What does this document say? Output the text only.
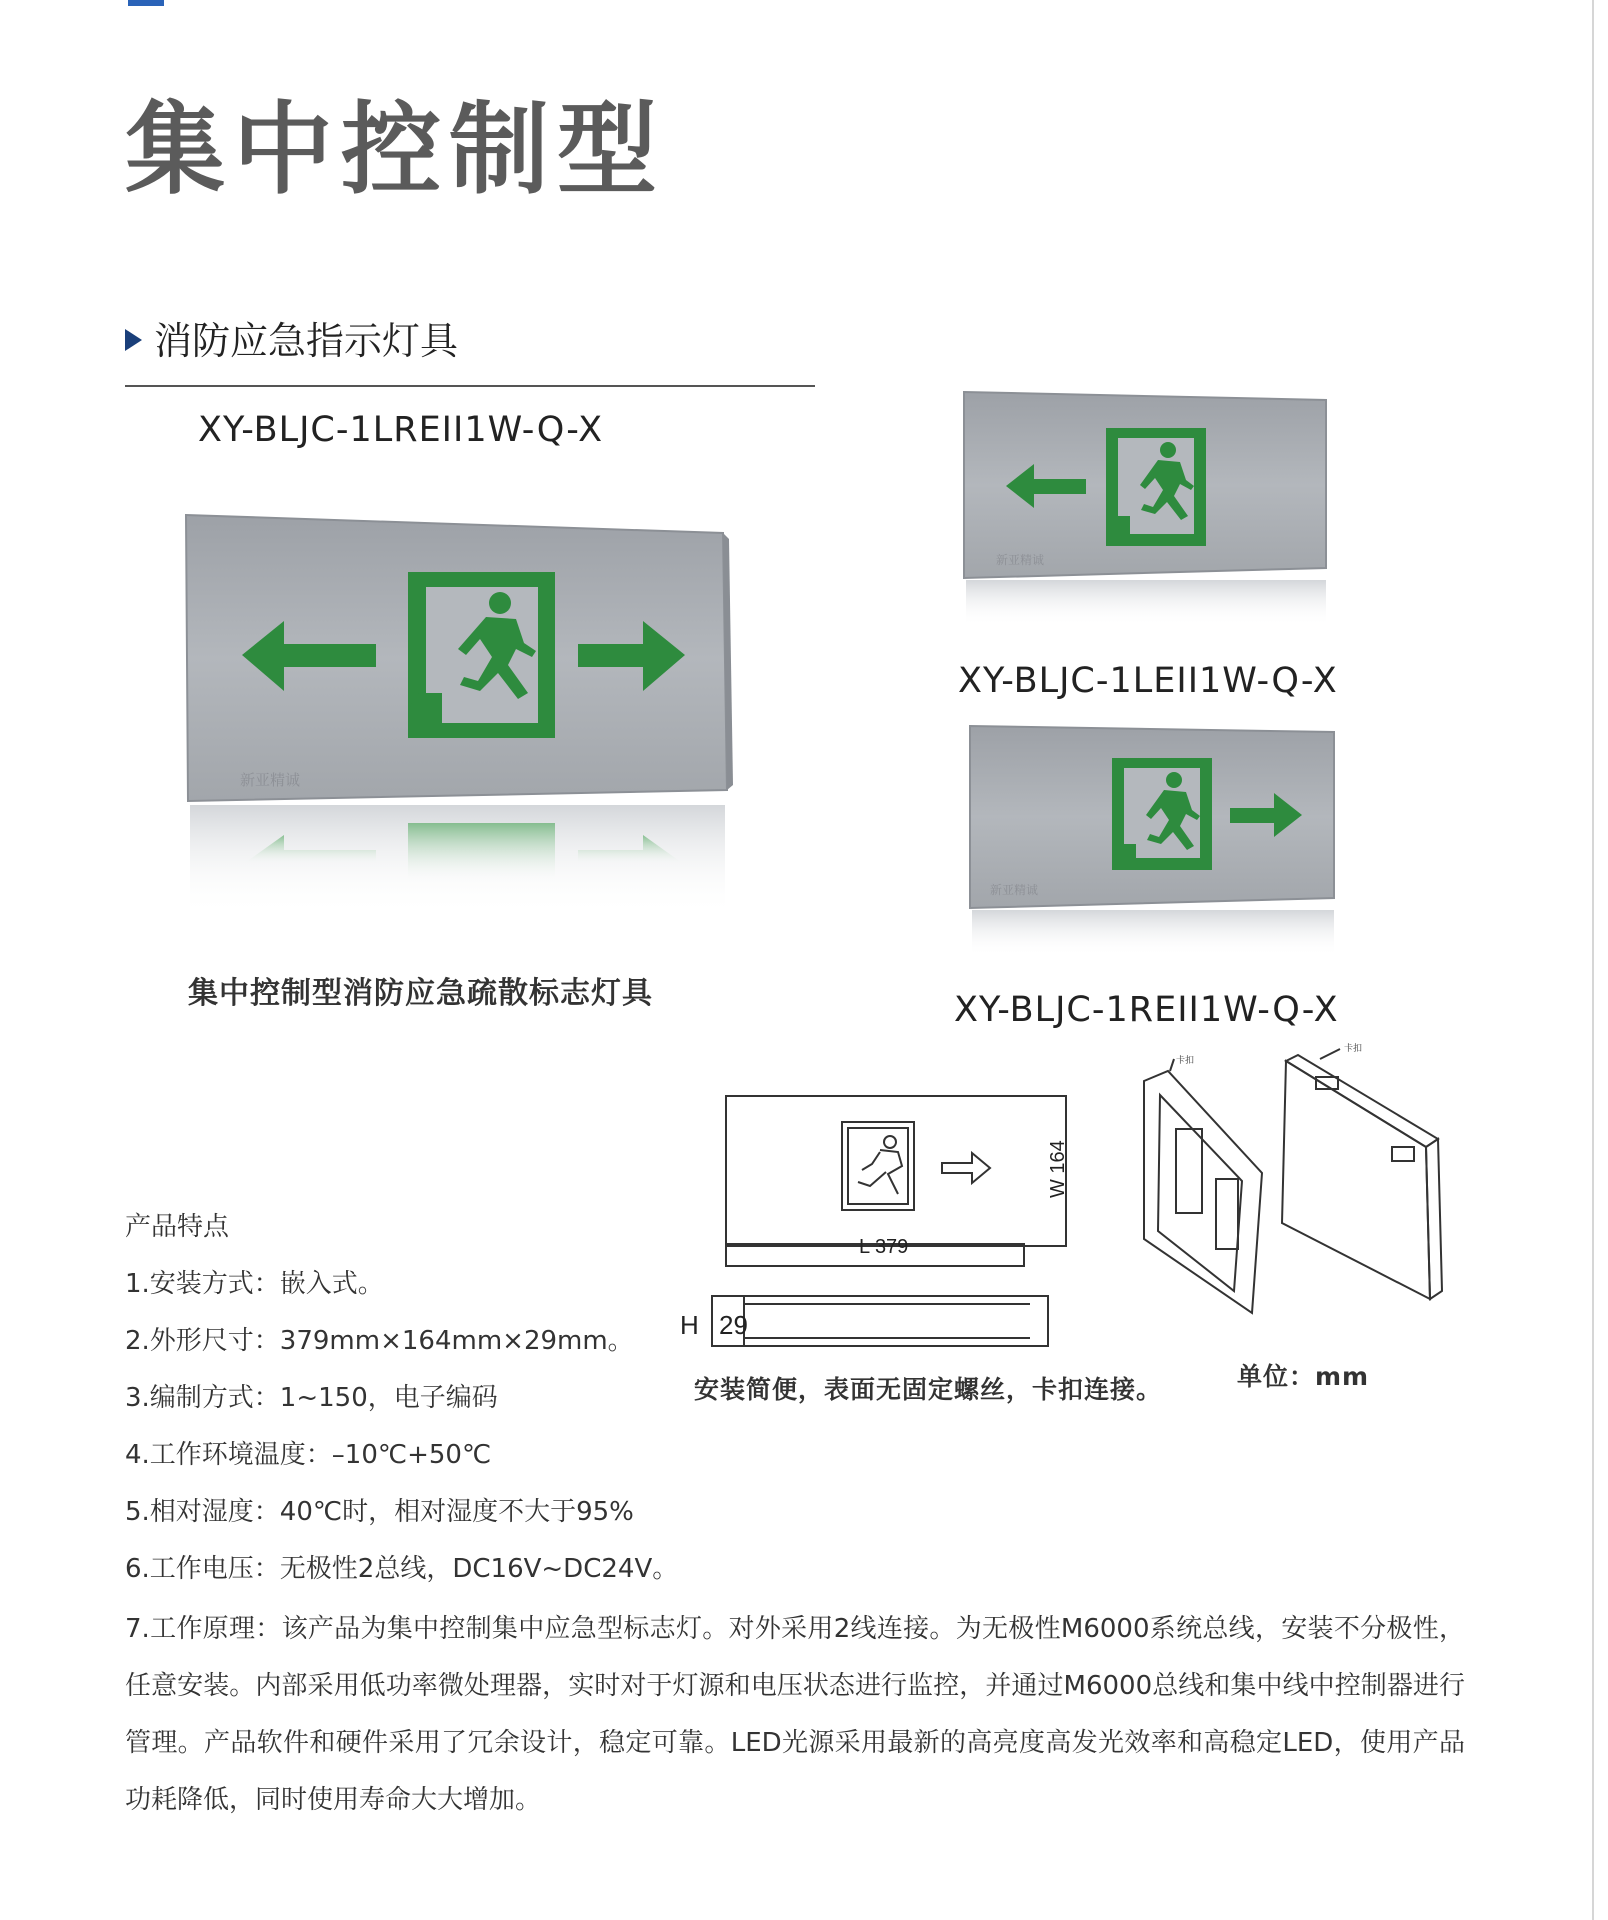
集中控制型
消防应急指示灯具
XY-BLJC-1LREII1W-Q-X
XY-BLJC-1LEII1W-Q-X
XY-BLJC-1REII1W-Q-X
新亚精诚
新亚精诚
新亚精诚
集中控制型消防应急疏散标志灯具
L 379
W 164
H 29
卡扣
卡扣
安装简便，表面无固定螺丝，卡扣连接。	单位：mm
产品特点
1.安装方式：嵌入式。
2.外形尺寸：379mm×164mm×29mm。
3.编制方式：1~150，电子编码
4.工作环境温度：–10℃+50℃
5.相对湿度：40℃时，相对湿度不大于95%
6.工作电压：无极性2总线，DC16V~DC24V。
7.工作原理：该产品为集中控制集中应急型标志灯。对外采用2线连接。为无极性M6000系统总线，安装不分极性，任意安装。内部采用低功率微处理器，实时对于灯源和电压状态进行监控，并通过M6000总线和集中线中控制器进行管理。产品软件和硬件采用了冗余设计，稳定可靠。LED光源采用最新的高亮度高发光效率和高稳定LED，使用产品功耗降低，同时使用寿命大大增加。
